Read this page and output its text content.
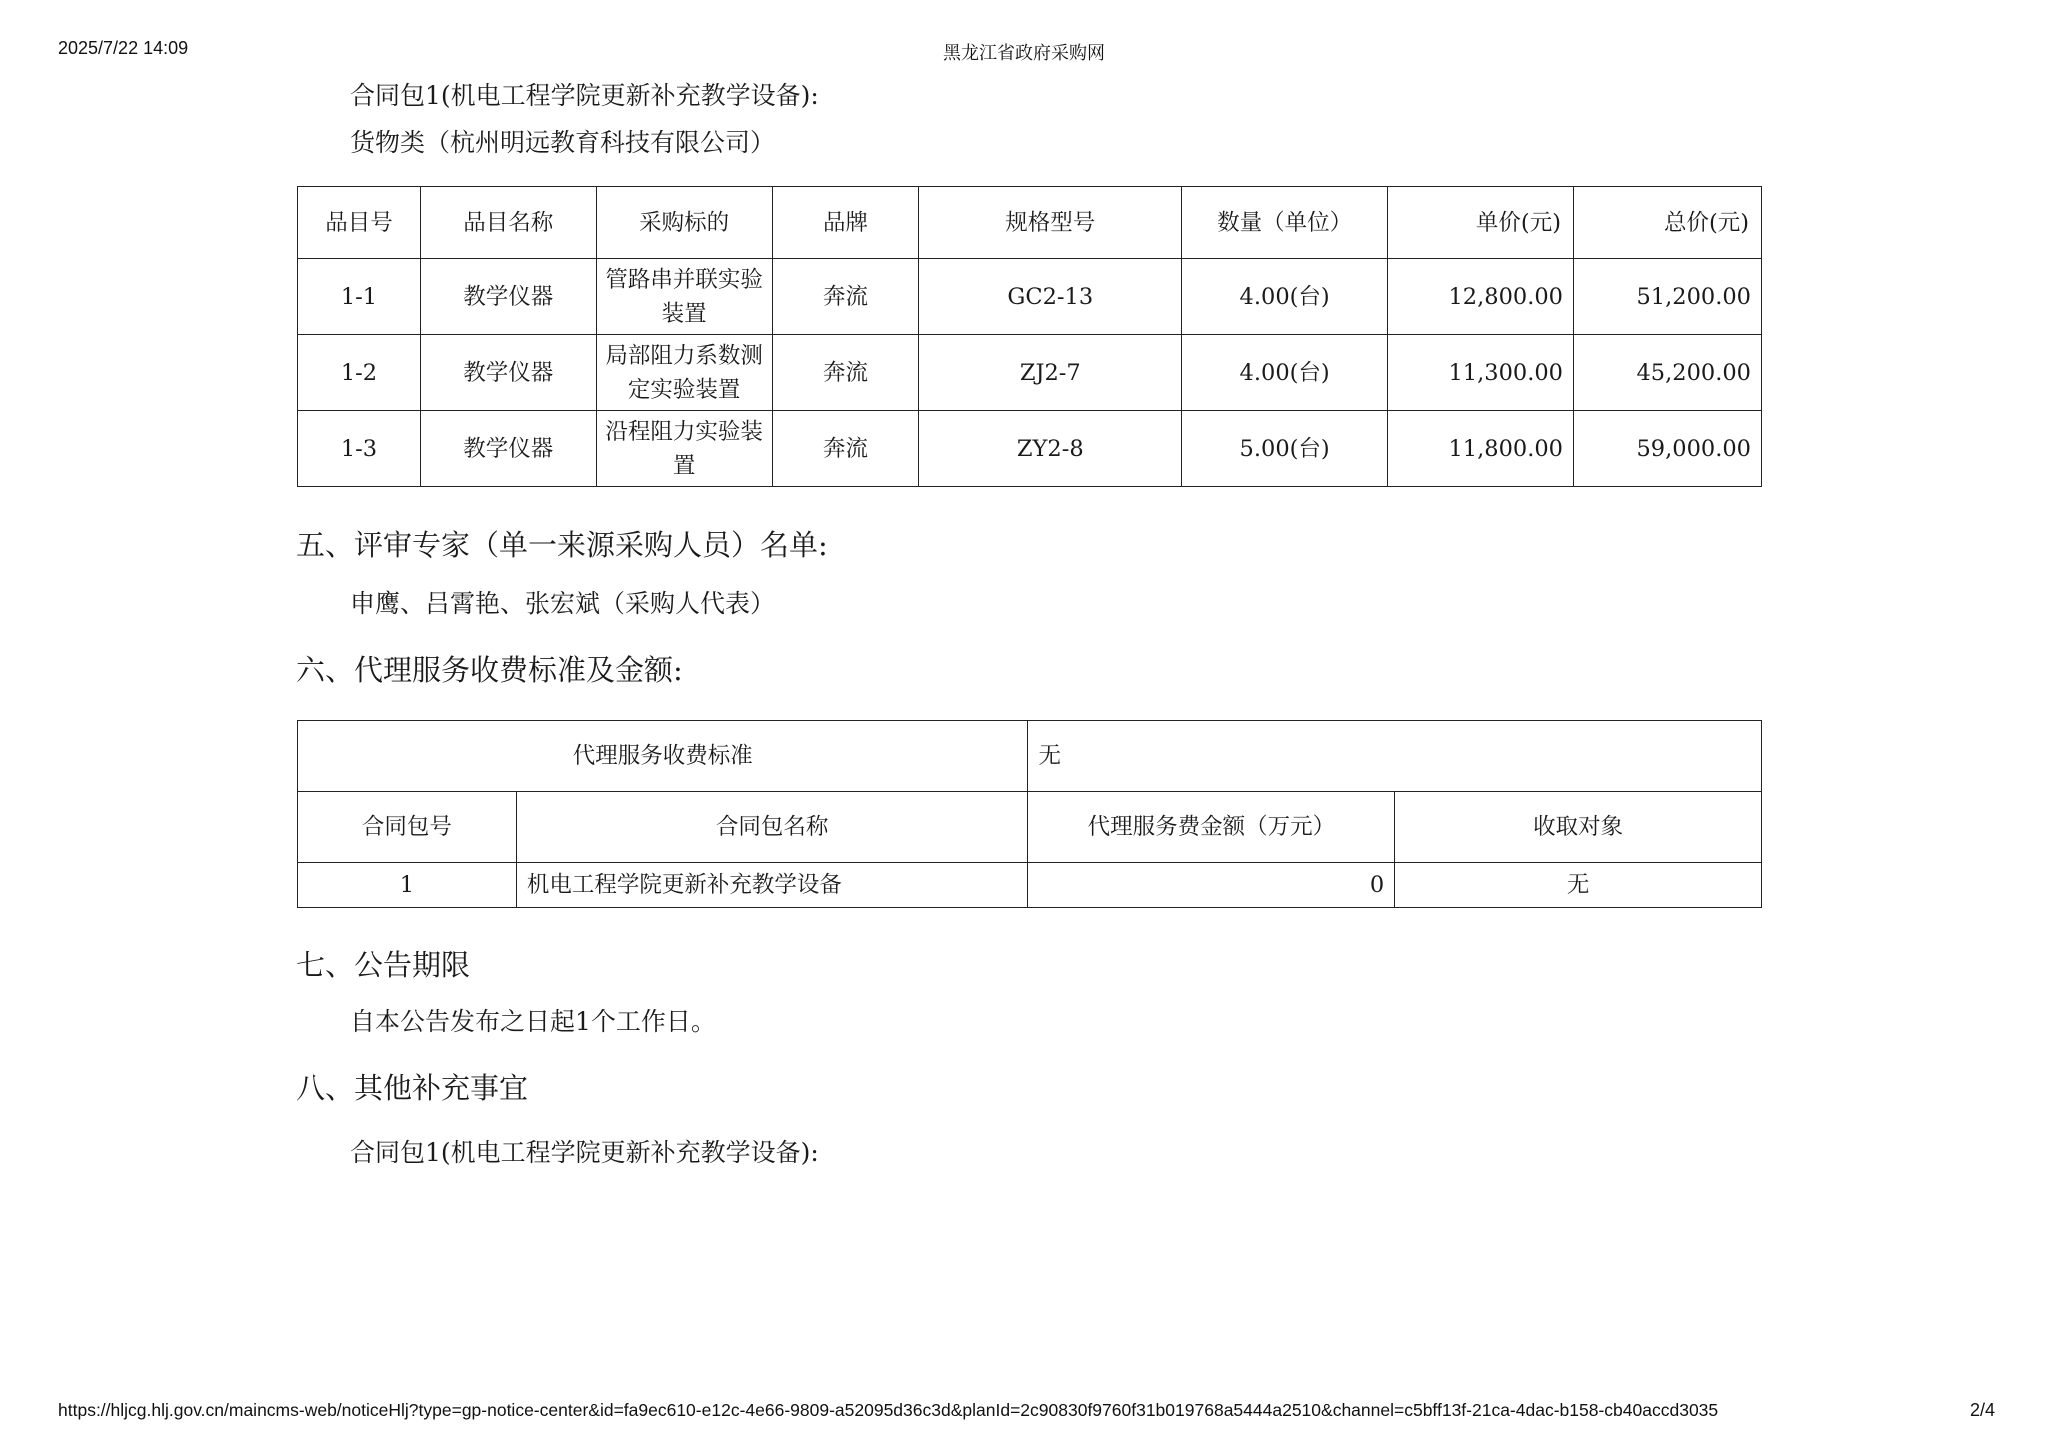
2025/7/22 14:09	黑龙江省政府采购网
合同包1(机电工程学院更新补充教学设备):
货物类（杭州明远教育科技有限公司）
品目号	品目名称	采购标的	品牌	规格型号	数量（单位）	单价(元)	总价(元)
1-1	教学仪器	管路串并联实验装置	奔流	GC2-13	4.00(台)	12,800.00	51,200.00
1-2	教学仪器	局部阻力系数测定实验装置	奔流	ZJ2-7	4.00(台)	11,300.00	45,200.00
1-3	教学仪器	沿程阻力实验装置	奔流	ZY2-8	5.00(台)	11,800.00	59,000.00
五、评审专家（单一来源采购人员）名单:
申鹰、吕霄艳、张宏斌（采购人代表）
六、代理服务收费标准及金额:
代理服务收费标准		无	
合同包号	合同包名称	代理服务费金额（万元）	收取对象
1	机电工程学院更新补充教学设备	0	无
七、公告期限
自本公告发布之日起1个工作日。
八、其他补充事宜
合同包1(机电工程学院更新补充教学设备):
https://hljcg.hlj.gov.cn/maincms-web/noticeHlj?type=gp-notice-center&id=fa9ec610-e12c-4e66-9809-a52095d36c3d&planId=2c90830f9760f31b019768a5444a2510&channel=c5bff13f-21ca-4dac-b158-cb40accd3035	2/4
